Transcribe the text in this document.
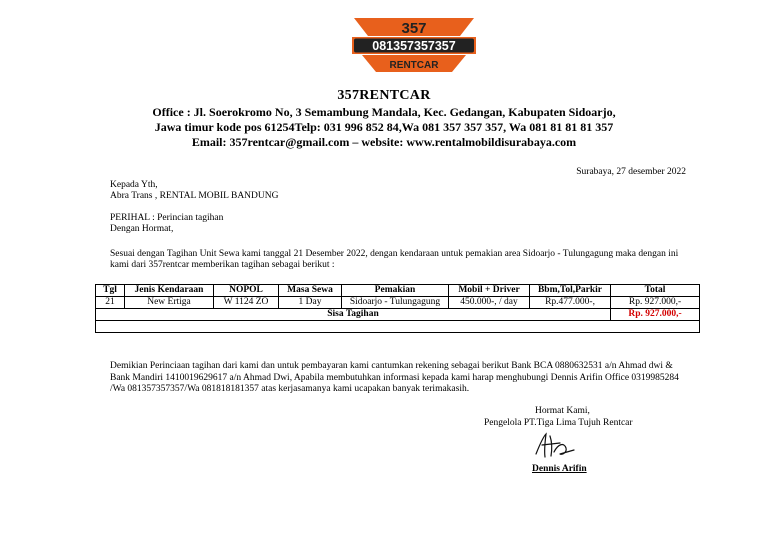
357
081357357357
RENTCAR
357RENTCAR
Office : Jl. Soerokromo No, 3 Semambung Mandala, Kec. Gedangan, Kabupaten Sidoarjo,
Jawa timur kode pos 61254Telp: 031 996 852 84,Wa 081 357 357 357, Wa 081 81 81 81 357
Email: 357rentcar@gmail.com – website: www.rentalmobildisurabaya.com
Surabaya, 27 desember 2022
Kepada Yth,
Abra Trans , RENTAL MOBIL BANDUNG
PERIHAL : Perincian tagihan
Dengan Hormat,
Sesuai dengan Tagihan Unit Sewa kami tanggal 21 Desember 2022, dengan kendaraan untuk pemakian area Sidoarjo - Tulungagung maka dengan ini kami dari 357rentcar memberikan tagihan sebagai berikut :
Tgl	Jenis Kendaraan	NOPOL	Masa Sewa	Pemakian	Mobil + Driver	Bbm,Tol,Parkir	Total
21	New Ertiga	W 1124 ZO	1 Day	Sidoarjo - Tulungagung	450.000-, / day	Rp.477.000-,	Rp. 927.000,-
Sisa Tagihan							Rp. 927.000,-

Demikian Perinciaan tagihan dari kami dan untuk pembayaran kami cantumkan rekening sebagai berikut Bank BCA 0880632531 a/n Ahmad dwi & Bank Mandiri 1410019629617 a/n Ahmad Dwi, Apabila membutuhkan informasi kepada kami harap menghubungi Dennis Arifin Office 0319985284 /Wa 081357357357/Wa 081818181357 atas kerjasamanya kami ucapakan banyak terimakasih.
Hormat Kami,
Pengelola PT.Tiga Lima Tujuh Rentcar
Dennis Arifin
